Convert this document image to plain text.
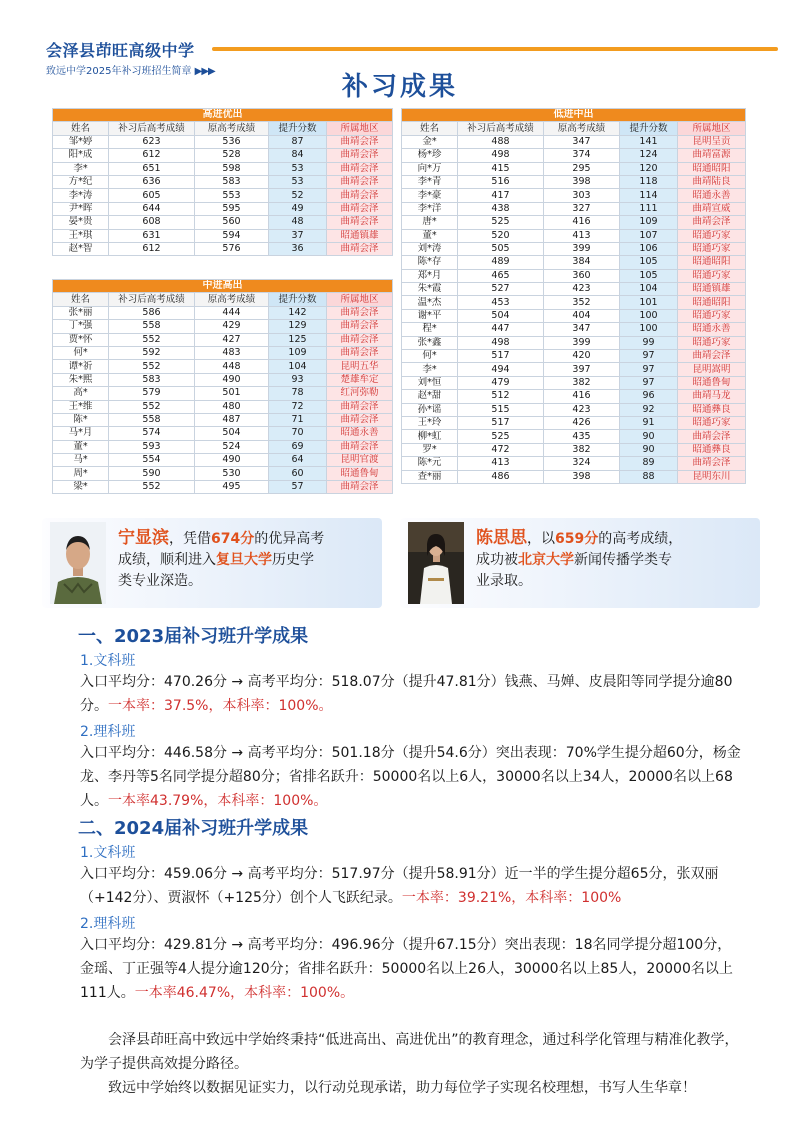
会泽县茚旺高级中学
致远中学2025年补习班招生简章 ▶▶▶
补习成果
高进优出				
姓名	补习后高考成绩	原高考成绩	提升分数	所属地区
邹*婷	623	536	87	曲靖会泽
阳*成	612	528	84	曲靖会泽
李*	651	598	53	曲靖会泽
方*纪	636	583	53	曲靖会泽
李*涛	605	553	52	曲靖会泽
尹*晖	644	595	49	曲靖会泽
晏*贵	608	560	48	曲靖会泽
王*琪	631	594	37	昭通镇雄
赵*智	612	576	36	曲靖会泽
中进高出				
姓名	补习后高考成绩	原高考成绩	提升分数	所属地区
张*丽	586	444	142	曲靖会泽
丁*强	558	429	129	曲靖会泽
贾*怀	552	427	125	曲靖会泽
何*	592	483	109	曲靖会泽
谭*祈	552	448	104	昆明五华
朱*熙	583	490	93	楚雄牟定
高*	579	501	78	红河弥勒
王*维	552	480	72	曲靖会泽
陈*	558	487	71	曲靖会泽
马*月	574	504	70	昭通永善
董*	593	524	69	曲靖会泽
马*	554	490	64	昆明官渡
周*	590	530	60	昭通鲁甸
梁*	552	495	57	曲靖会泽
低进中出				
姓名	补习后高考成绩	原高考成绩	提升分数	所属地区
金*	488	347	141	昆明呈贡
杨*珍	498	374	124	曲靖富源
向*万	415	295	120	昭通昭阳
李*青	516	398	118	曲靖陆良
李*豪	417	303	114	昭通永善
李*洋	438	327	111	曲靖宣威
唐*	525	416	109	曲靖会泽
董*	520	413	107	昭通巧家
刘*涛	505	399	106	昭通巧家
陈*存	489	384	105	昭通昭阳
郑*月	465	360	105	昭通巧家
朱*霞	527	423	104	昭通镇雄
温*杰	453	352	101	昭通昭阳
谢*平	504	404	100	昭通巧家
程*	447	347	100	昭通永善
张*鑫	498	399	99	昭通巧家
何*	517	420	97	曲靖会泽
李*	494	397	97	昆明嵩明
刘*恒	479	382	97	昭通鲁甸
赵*甜	512	416	96	曲靖马龙
孙*谣	515	423	92	昭通彝良
王*玲	517	426	91	昭通巧家
柳*虹	525	435	90	曲靖会泽
罗*	472	382	90	昭通彝良
陈*元	413	324	89	曲靖会泽
查*丽	486	398	88	昆明东川
宁显滨，凭借674分的优异高考
成绩，顺利进入复旦大学历史学
类专业深造。
陈思思，以659分的高考成绩，
成功被北京大学新闻传播学类专
业录取。
一、2023届补习班升学成果
1.文科班
入口平均分：470.26分 → 高考平均分：518.07分（提升47.81分）钱燕、马婵、皮晨阳等同学提分逾80分。一本率：37.5%，本科率：100%。
2.理科班
入口平均分：446.58分 → 高考平均分：501.18分（提升54.6分）突出表现：70%学生提分超60分，杨金龙、李丹等5名同学提分超80分；省排名跃升：50000名以上6人，30000名以上34人，20000名以上68人。一本率43.79%，本科率：100%。
二、2024届补习班升学成果
1.文科班
入口平均分：459.06分 → 高考平均分：517.97分（提升58.91分）近一半的学生提分超65分，张双丽（+142分）、贾淑怀（+125分）创个人飞跃纪录。一本率：39.21%，本科率：100%
2.理科班
入口平均分：429.81分 → 高考平均分：496.96分（提升67.15分）突出表现：18名同学提分超100分，金瑶、丁正强等4人提分逾120分；省排名跃升：50000名以上26人，30000名以上85人，20000名以上111人。一本率46.47%，本科率：100%。
会泽县茚旺高中致远中学始终秉持“低进高出、高进优出”的教育理念，通过科学化管理与精准化教学，为学子提供高效提分路径。
致远中学始终以数据见证实力，以行动兑现承诺，助力每位学子实现名校理想，书写人生华章！
